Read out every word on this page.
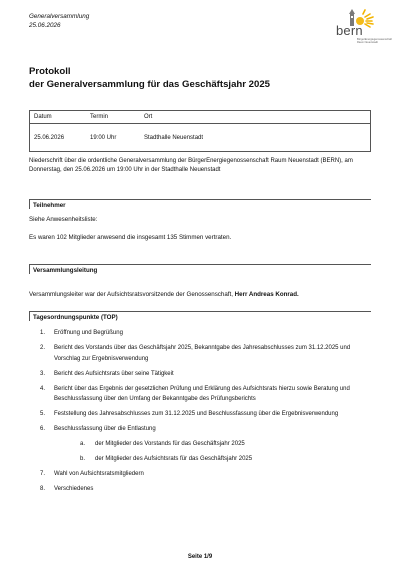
Generalversammlung
25.06.2026	bern
BürgerEnergiegenossenschaft
Raum Neuenstadt
Protokoll
der Generalversammlung für das Geschäftsjahr 2025
Datum	Termin	Ort
25.06.2026	19:00 Uhr	Stadthalle Neuenstadt
Niederschrift über die ordentliche Generalversammlung der BürgerEnergiegenossenschaft Raum Neuenstadt (BERN), am Donnerstag, den 25.06.2026 um 19:00 Uhr in der Stadthalle Neuenstadt
Teilnehmer
Siehe Anwesenheitsliste:
Es waren 102 Mitglieder anwesend die insgesamt 135 Stimmen vertraten.
Versammlungsleitung
Versammlungsleiter war der Aufsichtsratsvorsitzende der Genossenschaft, Herr Andreas Konrad.
Tagesordnungspunkte (TOP)
1. Eröffnung und Begrüßung
2. Bericht des Vorstands über das Geschäftsjahr 2025, Bekanntgabe des Jahresabschlusses zum 31.12.2025 und Vorschlag zur Ergebnisverwendung
3. Bericht des Aufsichtsrats über seine Tätigkeit
4. Bericht über das Ergebnis der gesetzlichen Prüfung und Erklärung des Aufsichtsrats hierzu sowie Beratung und Beschlussfassung über den Umfang der Bekanntgabe des Prüfungsberichts
5. Feststellung des Jahresabschlusses zum 31.12.2025 und Beschlussfassung über die Ergebnisverwendung
6. Beschlussfassung über die Entlastung
a. der Mitglieder des Vorstands für das Geschäftsjahr 2025
b. der Mitglieder des Aufsichtsrats für das Geschäftsjahr 2025
7. Wahl von Aufsichtsratsmitgliedern
8. Verschiedenes
Seite 1/9
